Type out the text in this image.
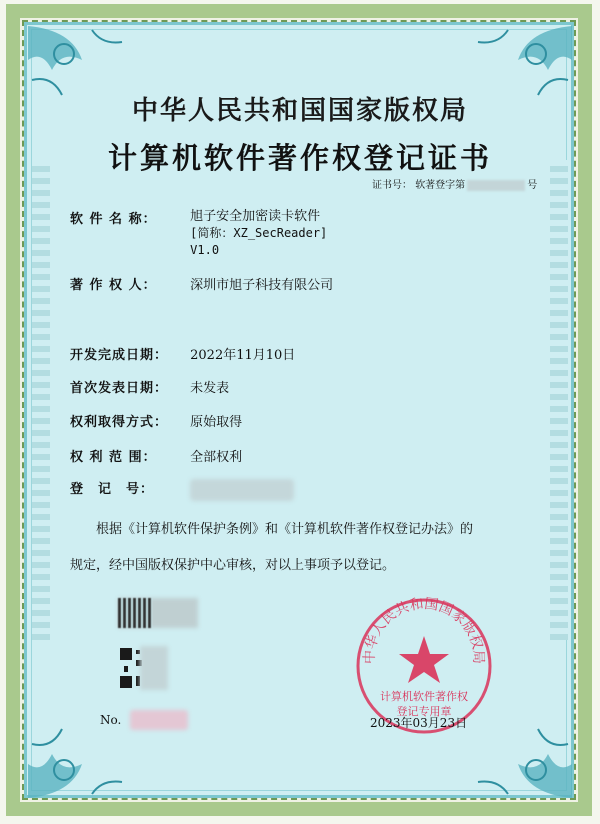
中华人民共和国国家版权局
计算机软件著作权登记证书
证书号： 软著登字第	号
软 件 名 称：	旭子安全加密读卡软件
[简称：XZ_SecReader]
V1.0
著 作 权 人：	深圳市旭子科技有限公司
开发完成日期： 2022年11月10日
首次发表日期： 未发表
权利取得方式： 原始取得
权 利 范 围：	全部权利
登　记　号：
根据《计算机软件保护条例》和《计算机软件著作权登记办法》的
规定，经中国版权保护中心审核，对以上事项予以登记。
No.
中华人民共和国国家版权局
计算机软件著作权
登记专用章
2023年03月23日
